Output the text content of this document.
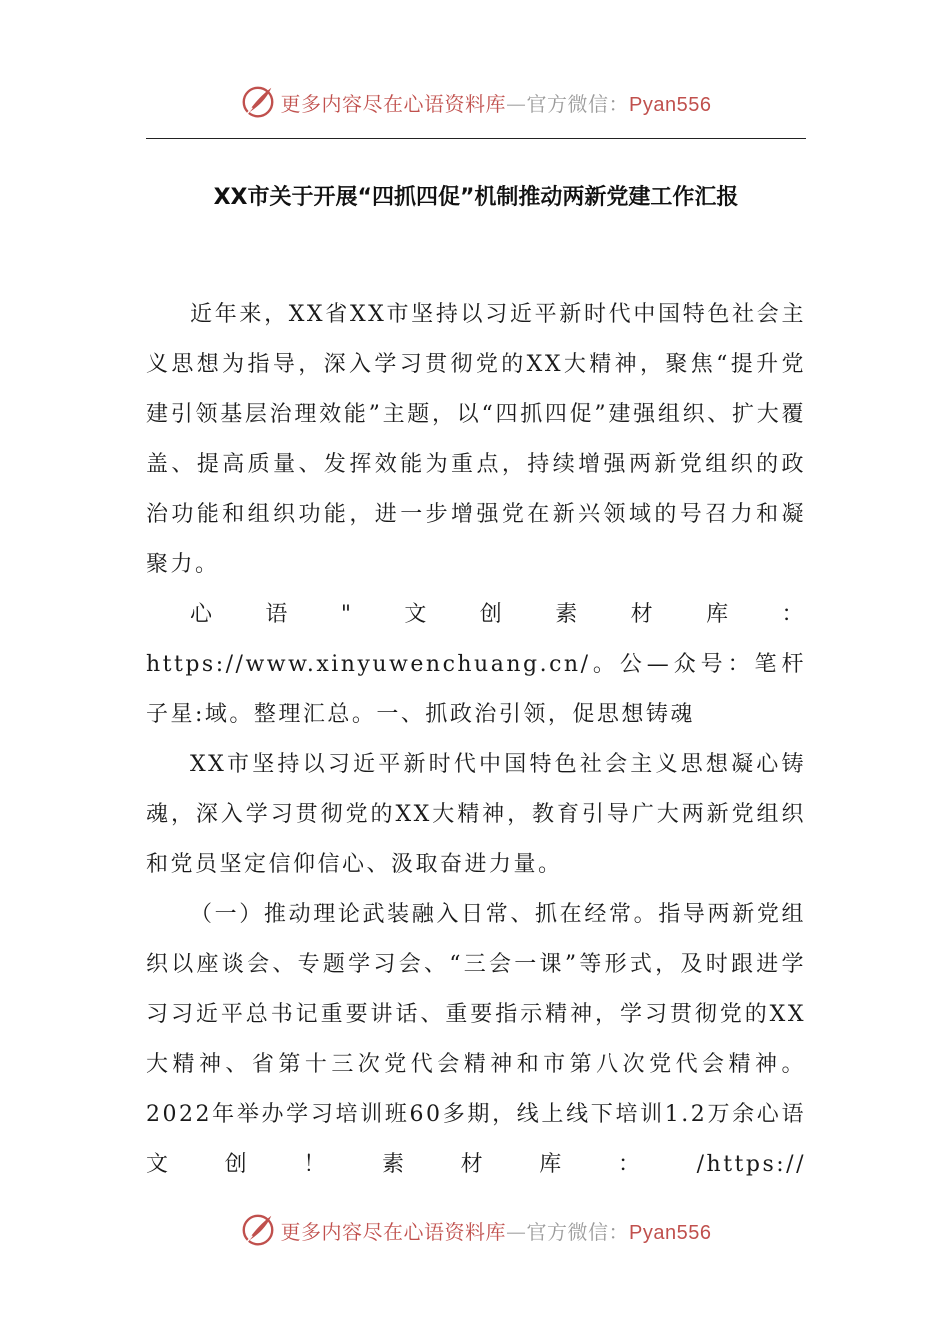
更多内容尽在心语资料库—官方微信：Pyan556
XX市关于开展“四抓四促”机制推动两新党建工作汇报

近年来，XX省XX市坚持以习近平新时代中国特色社会主义思想为指导，深入学习贯彻党的XX大精神，聚焦“提升党建引领基层治理效能”主题，以“四抓四促”建强组织、扩大覆盖、提高质量、发挥效能为重点，持续增强两新党组织的政治功能和组织功能，进一步增强党在新兴领域的号召力和凝聚力。

心语"文创素材库：https://www.xinyuwenchuang.cn/。公—众号：笔杆子星:域。整理汇总。一、抓政治引领，促思想铸魂

XX市坚持以习近平新时代中国特色社会主义思想凝心铸魂，深入学习贯彻党的XX大精神，教育引导广大两新党组织和党员坚定信仰信心、汲取奋进力量。

（一）推动理论武装融入日常、抓在经常。指导两新党组织以座谈会、专题学习会、“三会一课”等形式，及时跟进学习习近平总书记重要讲话、重要指示精神，学习贯彻党的XX大精神、省第十三次党代会精神和市第八次党代会精神。2022年举办学习培训班60多期，线上线下培训1.2万余心语文创！素材库：/https://

更多内容尽在心语资料库—官方微信：Pyan556
